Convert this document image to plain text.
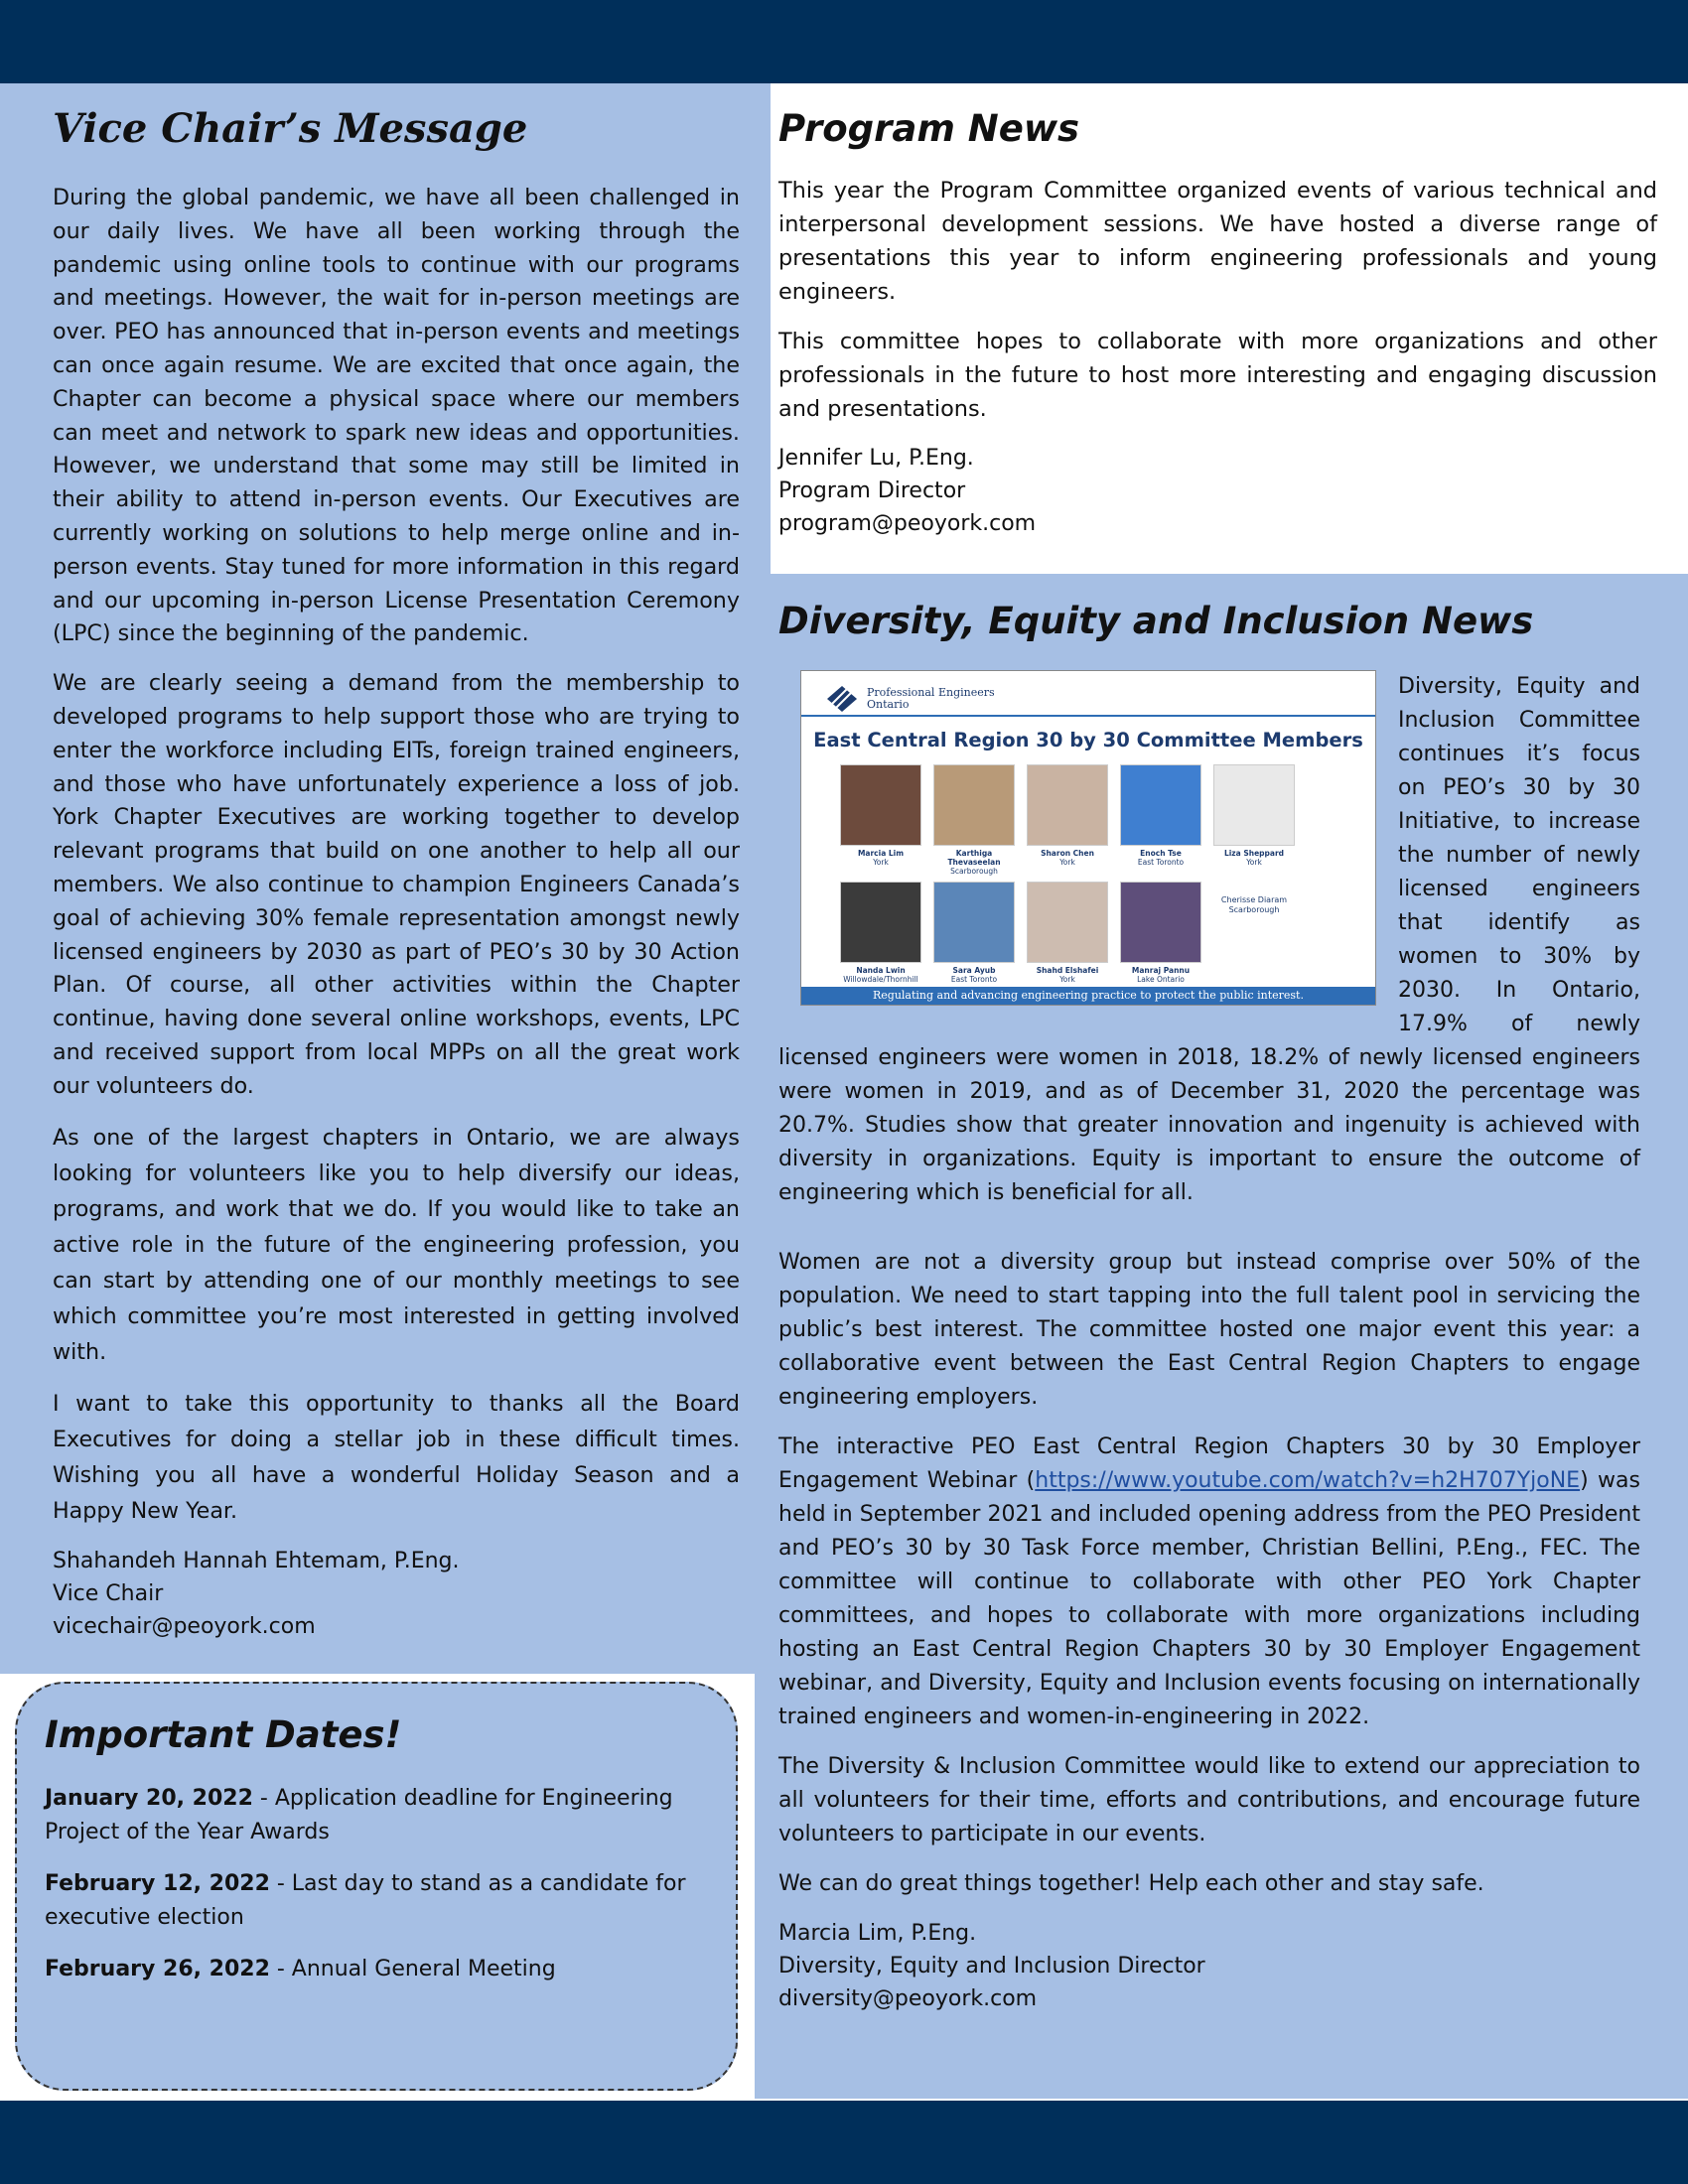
Vice Chair’s Message

During the global pandemic, we have all been challenged in our daily lives. We have all been working through the pandemic using online tools to continue with our programs and meetings. However, the wait for in-person meetings are over. PEO has announced that in-person events and meetings can once again resume. We are excited that once again, the Chapter can become a physical space where our members can meet and network to spark new ideas and opportunities. However, we understand that some may still be limited in their ability to attend in-person events. Our Executives are currently working on solutions to help merge online and in-person events. Stay tuned for more information in this regard and our upcoming in-person License Presentation Ceremony (LPC) since the beginning of the pandemic.

We are clearly seeing a demand from the membership to developed programs to help support those who are trying to enter the workforce including EITs, foreign trained engineers, and those who have unfortunately experience a loss of job. York Chapter Executives are working together to develop relevant programs that build on one another to help all our members. We also continue to champion Engineers Canada’s goal of achieving 30% female representation amongst newly licensed engineers by 2030 as part of PEO’s 30 by 30 Action Plan. Of course, all other activities within the Chapter continue, having done several online workshops, events, LPC and received support from local MPPs on all the great work our volunteers do.

As one of the largest chapters in Ontario, we are always looking for volunteers like you to help diversify our ideas, programs, and work that we do. If you would like to take an active role in the future of the engineering profession, you can start by attending one of our monthly meetings to see which committee you’re most interested in getting involved with.

I want to take this opportunity to thanks all the Board Executives for doing a stellar job in these difficult times. Wishing you all have a wonderful Holiday Season and a Happy New Year.

Shahandeh Hannah Ehtemam, P.Eng.
Vice Chair
vicechair@peoyork.com
Program News

This year the Program Committee organized events of various technical and interpersonal development sessions. We have hosted a diverse range of presentations this year to inform engineering professionals and young engineers.

This committee hopes to collaborate with more organizations and other professionals in the future to host more interesting and engaging discussion and presentations.

Jennifer Lu, P.Eng.
Program Director
program@peoyork.com
Diversity, Equity and Inclusion News
Professional Engineers
Ontario
East Central Region 30 by 30 Committee Members
Marcia Lim
York
Karthiga Thevaseelan
Scarborough
Sharon Chen
York
Enoch Tse
East Toronto
Liza Sheppard
York
Nanda Lwin
Willowdale/Thornhill
Sara Ayub
East Toronto
Shahd Elshafei
York
Manraj Pannu
Lake Ontario
Cherisse Diaram
Scarborough
Regulating and advancing engineering practice to protect the public interest.

Diversity, Equity and Inclusion Committee continues it’s focus on PEO’s 30 by 30 Initiative, to increase the number of newly licensed engineers that identify as women to 30% by 2030. In Ontario, 17.9% of newly licensed engineers were women in 2018, 18.2% of newly licensed engineers were women in 2019, and as of December 31, 2020 the percentage was 20.7%. Studies show that greater innovation and ingenuity is achieved with diversity in organizations. Equity is important to ensure the outcome of engineering which is beneficial for all.

Women are not a diversity group but instead comprise over 50% of the population. We need to start tapping into the full talent pool in servicing the public’s best interest. The committee hosted one major event this year: a collaborative event between the East Central Region Chapters to engage engineering employers.

The interactive PEO East Central Region Chapters 30 by 30 Employer Engagement Webinar (https://www.youtube.com/watch?v=h2H707YjoNE) was held in September 2021 and included opening address from the PEO President and PEO’s 30 by 30 Task Force member, Christian Bellini, P.Eng., FEC. The committee will continue to collaborate with other PEO York Chapter committees, and hopes to collaborate with more organizations including hosting an East Central Region Chapters 30 by 30 Employer Engagement webinar, and Diversity, Equity and Inclusion events focusing on internationally trained engineers and women-in-engineering in 2022.

The Diversity & Inclusion Committee would like to extend our appreciation to all volunteers for their time, efforts and contributions, and encourage future volunteers to participate in our events.

We can do great things together! Help each other and stay safe.

Marcia Lim, P.Eng.
Diversity, Equity and Inclusion Director
diversity@peoyork.com
Important Dates!

January 20, 2022 - Application deadline for Engineering Project of the Year Awards

February 12, 2022 - Last day to stand as a candidate for executive election

February 26, 2022 - Annual General Meeting
